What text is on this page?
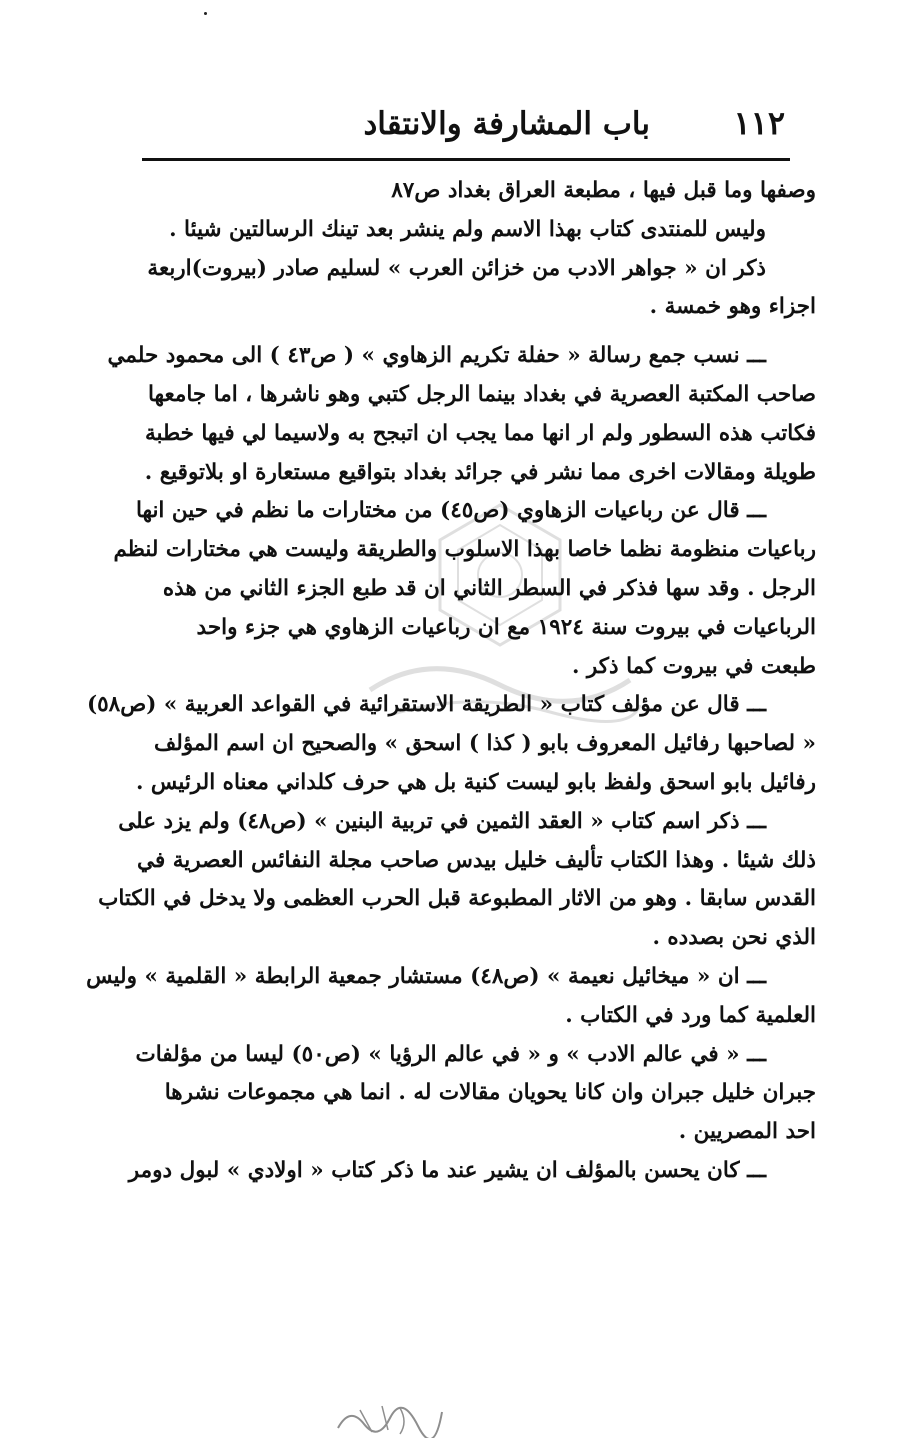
١١٢
باب المشارفة والانتقاد
وصفها وما قبل فيها ، مطبعة العراق بغداد ص٨٧
وليس للمنتدى كتاب بهذا الاسم ولم ينشر بعد تينك الرسالتين شيئا .
ذكر ان « جواهر الادب من خزائن العرب » لسليم صادر (بيروت)اربعة
اجزاء وهو خمسة .
ـــ نسب جمع رسالة « حفلة تكريم الزهاوي » ( ص٤٣ ) الى محمود حلمي
صاحب المكتبة العصرية في بغداد بينما الرجل كتبي وهو ناشرها ، اما جامعها
فكاتب هذه السطور ولم ار انها مما يجب ان اتبجح به ولاسيما لي فيها خطبة
طويلة ومقالات اخرى مما نشر في جرائد بغداد بتواقيع مستعارة او بلاتوقيع .
ـــ قال عن رباعيات الزهاوي (ص٤٥) من مختارات ما نظم في حين انها
رباعيات منظومة نظما خاصا بهذا الاسلوب والطريقة وليست هي مختارات لنظم
الرجل . وقد سها فذكر في السطر الثاني ان قد طبع الجزء الثاني من هذه
الرباعيات في بيروت سنة ١٩٢٤ مع ان رباعيات الزهاوي هي جزء واحد
طبعت في بيروت كما ذكر .
ـــ قال عن مؤلف كتاب « الطريقة الاستقرائية في القواعد العربية » (ص٥٨)
« لصاحبها رفائيل المعروف بابو ( كذا ) اسحق » والصحيح ان اسم المؤلف
رفائيل بابو اسحق ولفظ بابو ليست كنية بل هي حرف كلداني معناه الرئيس .
ـــ ذكر اسم كتاب « العقد الثمين في تربية البنين » (ص٤٨) ولم يزد على
ذلك شيئا . وهذا الكتاب تأليف خليل بيدس صاحب مجلة النفائس العصرية في
القدس سابقا . وهو من الاثار المطبوعة قبل الحرب العظمى ولا يدخل في الكتاب
الذي نحن بصدده .
ـــ ان « ميخائيل نعيمة » (ص٤٨) مستشار جمعية الرابطة « القلمية » وليس
العلمية كما ورد في الكتاب .
ـــ « في عالم الادب » و « في عالم الرؤيا » (ص٥٠) ليسا من مؤلفات
جبران خليل جبران وان كانا يحويان مقالات له . انما هي مجموعات نشرها
احد المصريين .
ـــ كان يحسن بالمؤلف ان يشير عند ما ذكر كتاب « اولادي » لبول دومر
